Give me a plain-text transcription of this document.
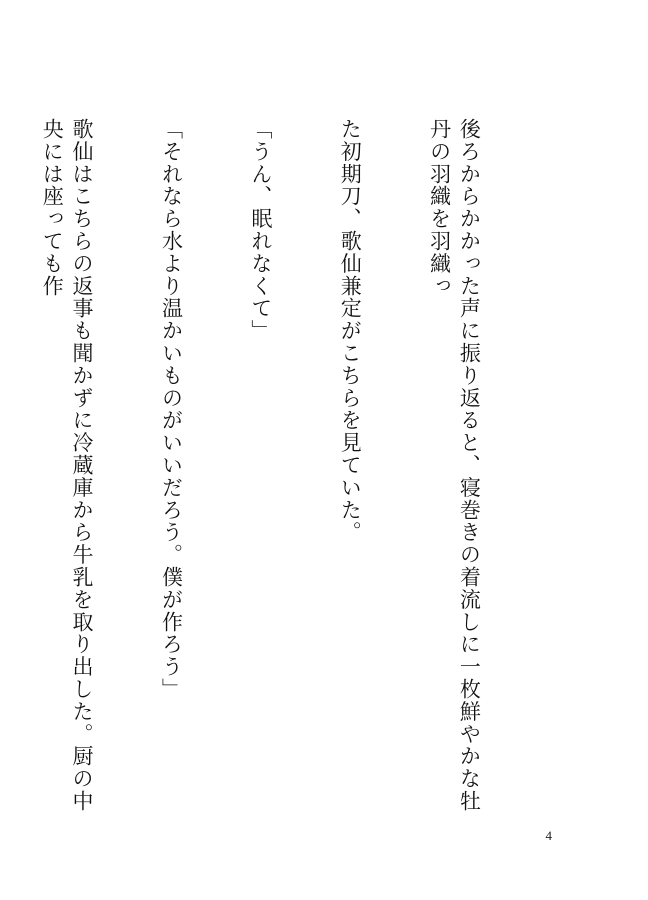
後ろからかかった声に振り返ると、寝巻きの着流しに一枚鮮やかな牡丹の羽織を羽織っ

た初期刀、歌仙兼定がこちらを見ていた。

「うん、眠れなくて」

「それなら水より温かいものがいいだろう。僕が作ろう」

歌仙はこちらの返事も聞かずに冷蔵庫から牛乳を取り出した。厨の中央には座っても作

4
